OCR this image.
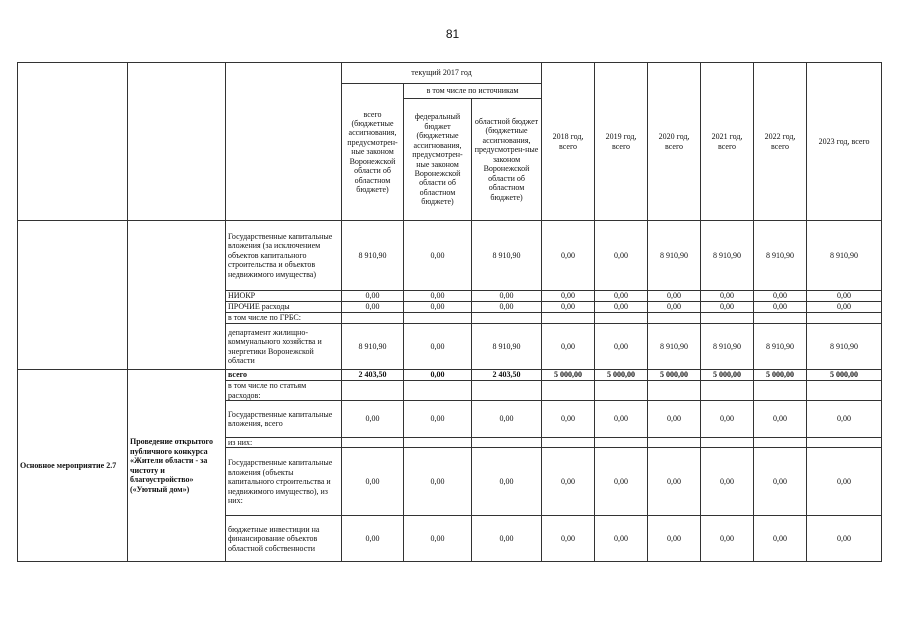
81
			текущий 2017 год			2018 год, всего	2019 год, всего	2020 год, всего	2021 год, всего	2022 год, всего	2023 год, всего
			всего (бюджетные ассигнования, предусмотрен-ные законом Воронежской области об областном бюджете)	в том числе по источникам							
				федеральный бюджет (бюджетные ассигнования, предусмотрен-ные законом Воронежской области об областном бюджете)	областной бюджет (бюджетные ассигнования, предусмотрен-ные законом Воронежской области об областном бюджете)						
		Государственные капитальные вложения (за исключением объектов капитального строительства и объектов недвижимого имущества)	8 910,90	0,00	8 910,90	0,00	0,00	8 910,90	8 910,90	8 910,90	8 910,90
		НИОКР	0,00	0,00	0,00	0,00	0,00	0,00	0,00	0,00	0,00
		ПРОЧИЕ расходы	0,00	0,00	0,00	0,00	0,00	0,00	0,00	0,00	0,00
		в том числе по ГРБС:									
		департамент жилищно-коммунального хозяйства и энергетики Воронежской области	8 910,90	0,00	8 910,90	0,00	0,00	8 910,90	8 910,90	8 910,90	8 910,90
Основное мероприятие 2.7	Проведение открытого публичного конкурса «Жители области - за чистоту и благоустройство» («Уютный дом»)	всего	2 403,50	0,00	2 403,50	5 000,00	5 000,00	5 000,00	5 000,00	5 000,00	5 000,00
		в том числе по статьям расходов:									
		Государственные капитальные вложения, всего	0,00	0,00	0,00	0,00	0,00	0,00	0,00	0,00	0,00
		из них:									
		Государственные капитальные вложения (объекты капитального строительства и недвижимого имущество), из них:	0,00	0,00	0,00	0,00	0,00	0,00	0,00	0,00	0,00
		бюджетные инвестиции на финансирование объектов областной собственности	0,00	0,00	0,00	0,00	0,00	0,00	0,00	0,00	0,00
